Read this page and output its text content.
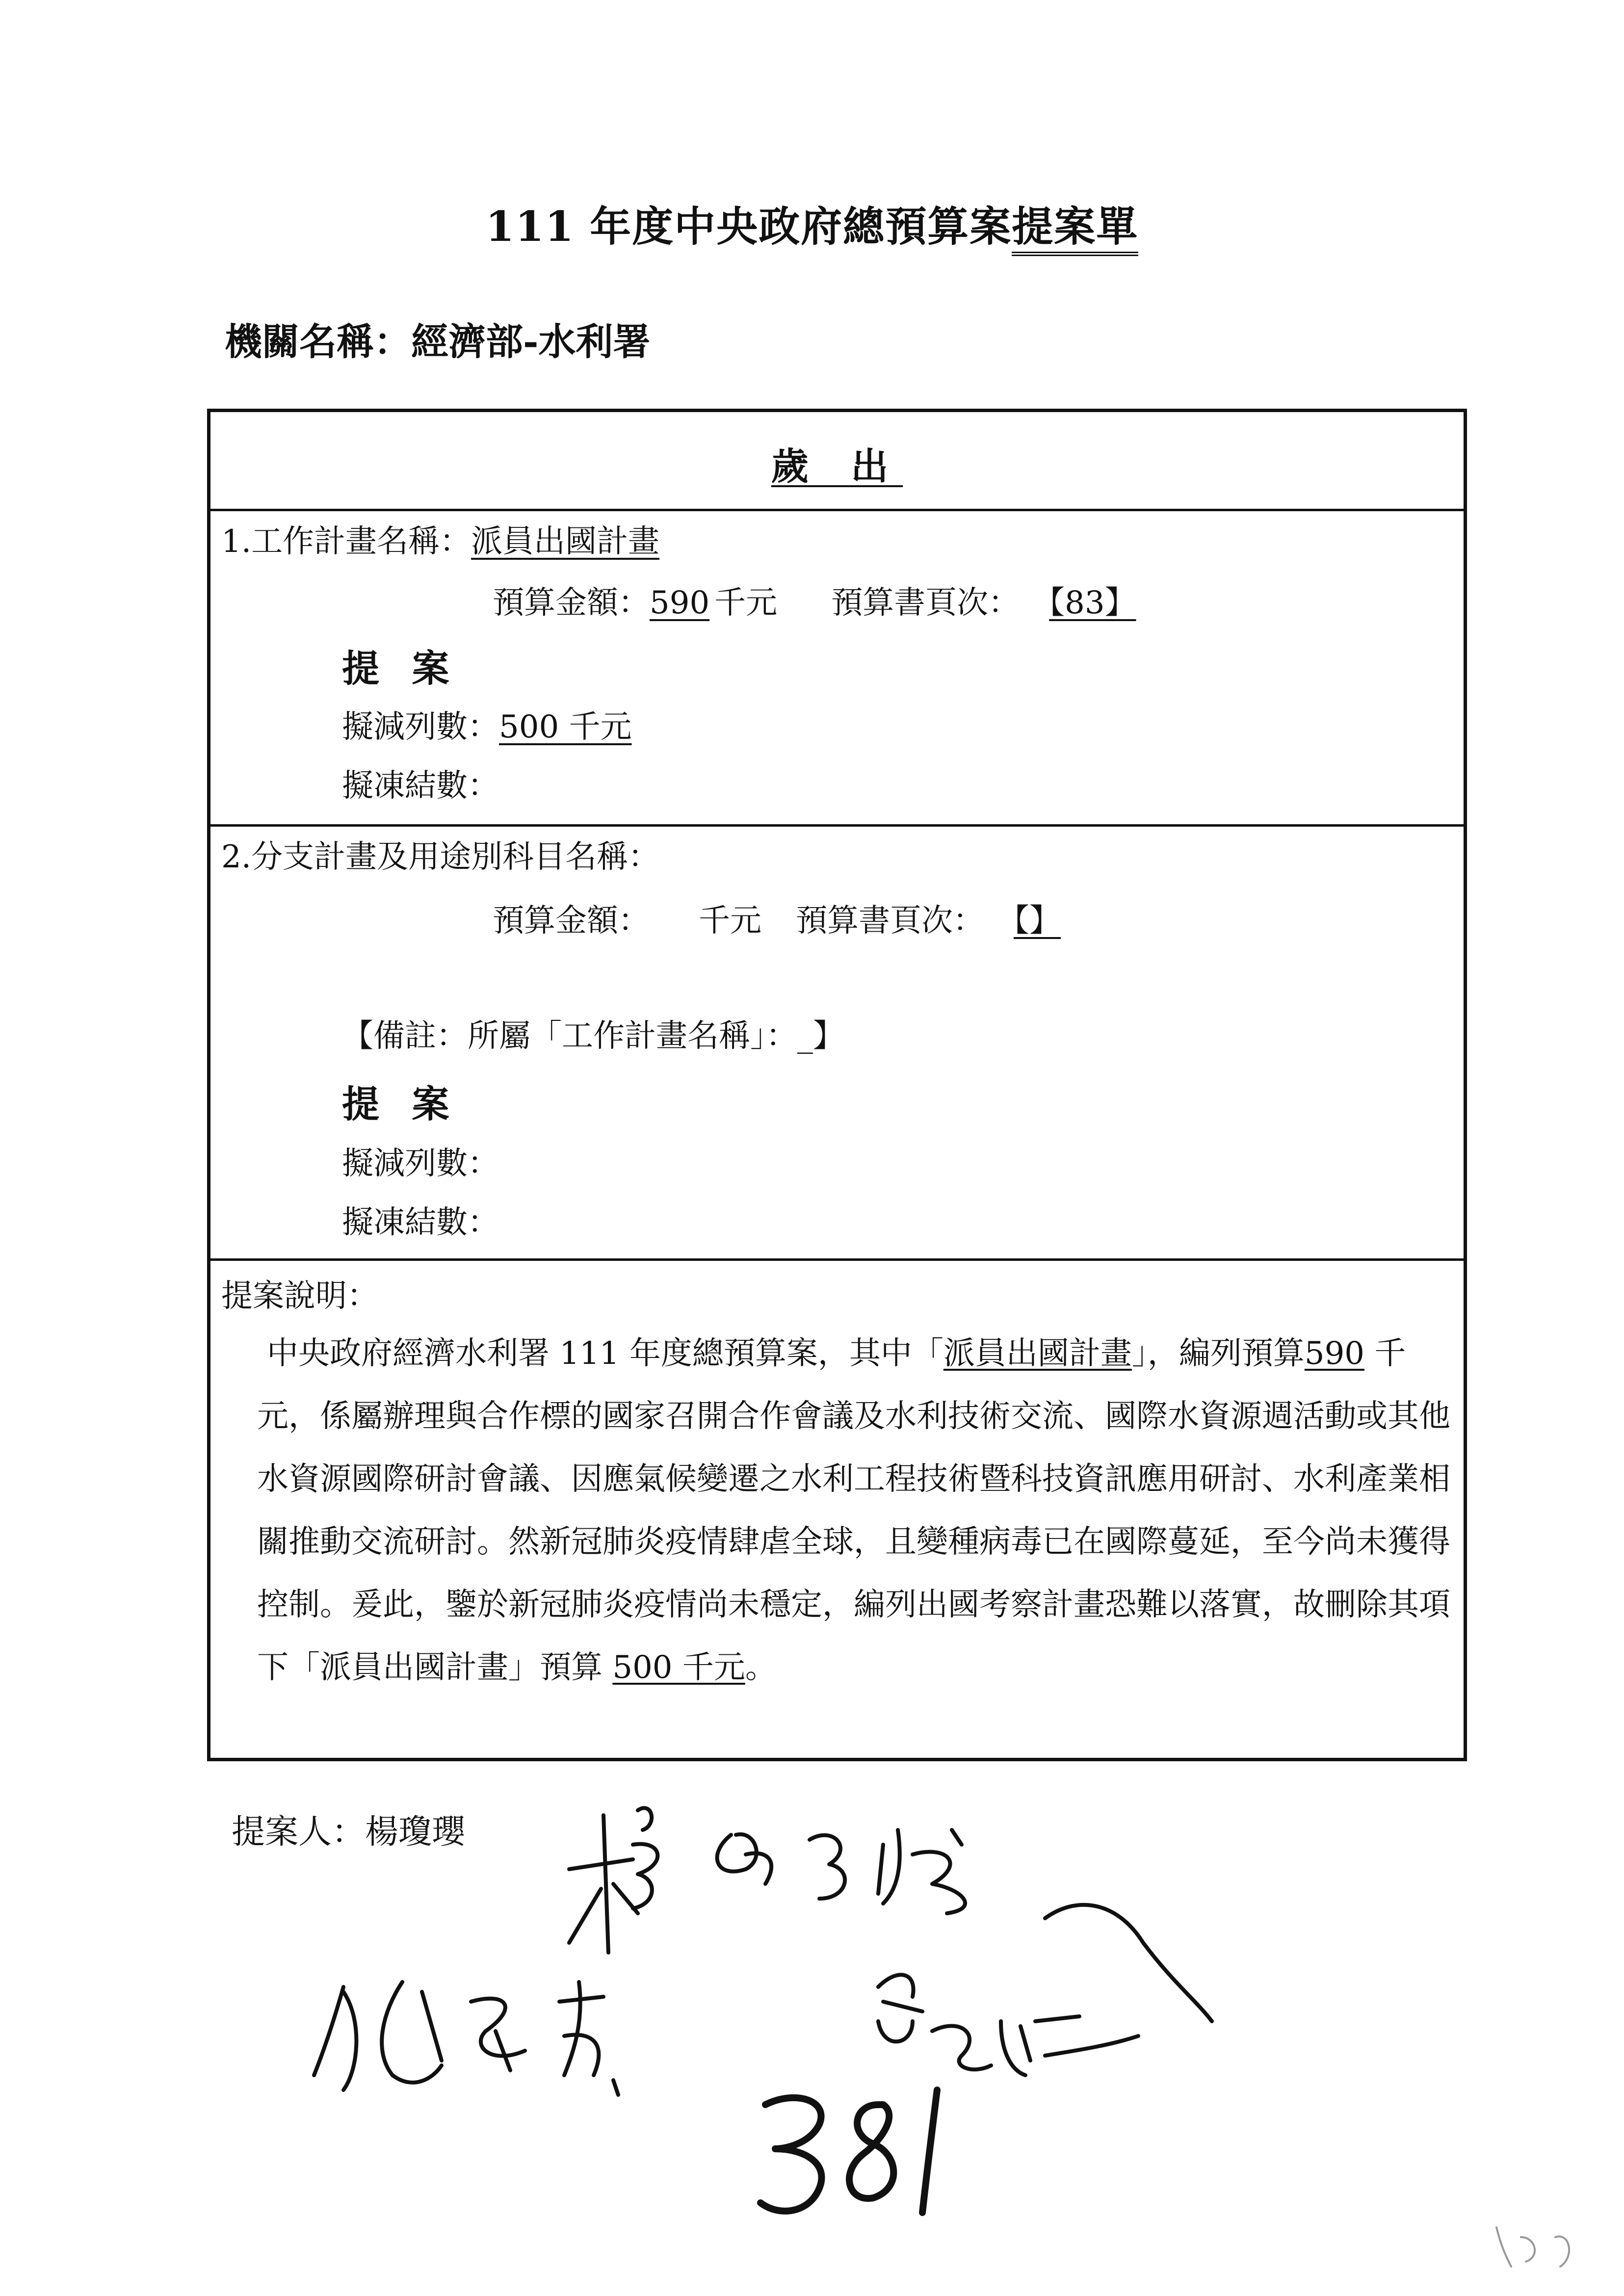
111 年度中央政府總預算案提案單
機關名稱：經濟部-水利署
歲 出
1.工作計畫名稱：派員出國計畫
預算金額：590 千元 預算書頁次： 【83】
提 案
擬減列數：500 千元
擬凍結數：
2.分支計畫及用途別科目名稱：
預算金額： 千元 預算書頁次： 【】
【備註：所屬「工作計畫名稱」：_】
提 案
擬減列數：
擬凍結數：
提案說明：
中央政府經濟水利署 111 年度總預算案，其中「派員出國計畫」，編列預算590 千元，係屬辦理與合作標的國家召開合作會議及水利技術交流、國際水資源週活動或其他水資源國際研討會議、因應氣候變遷之水利工程技術暨科技資訊應用研討、水利產業相關推動交流研討。然新冠肺炎疫情肆虐全球，且變種病毒已在國際蔓延，至今尚未獲得控制。爰此，鑒於新冠肺炎疫情尚未穩定，編列出國考察計畫恐難以落實，故刪除其項下「派員出國計畫」預算 500 千元。
提案人：楊瓊瓔
